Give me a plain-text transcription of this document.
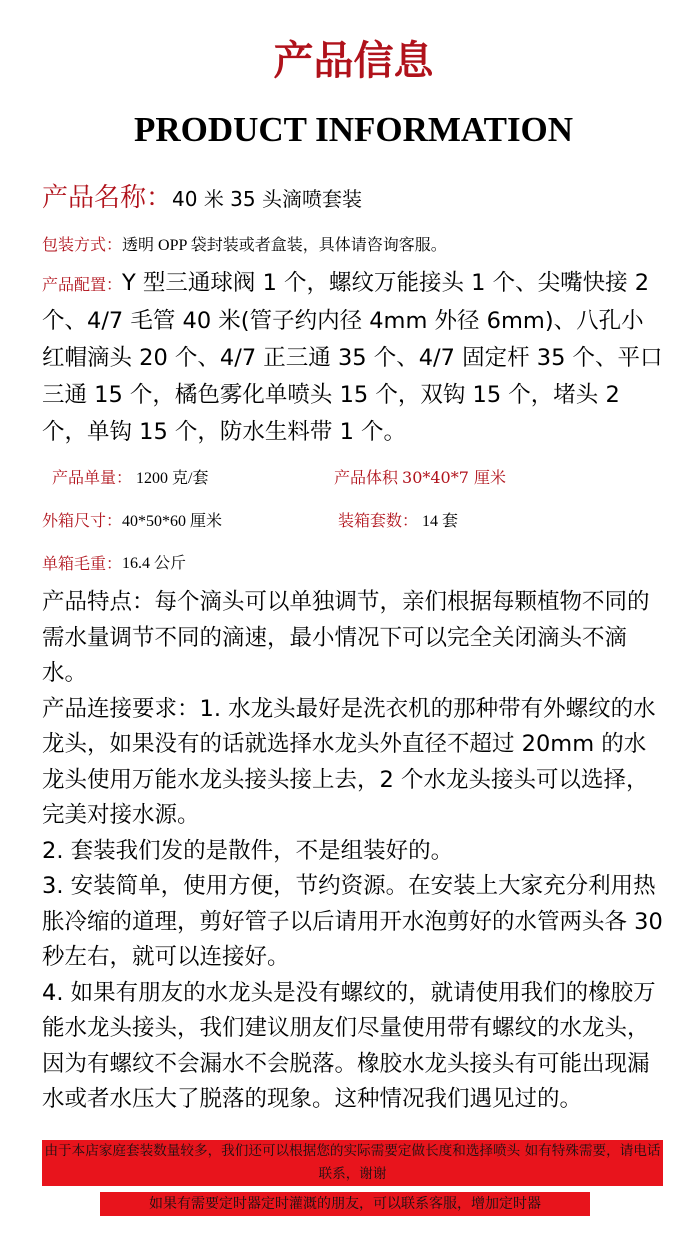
产品信息
PRODUCT INFORMATION
产品名称：40 米 35 头滴喷套装
包装方式：透明 OPP 袋封装或者盒装，具体请咨询客服。
产品配置：Y 型三通球阀 1 个，螺纹万能接头 1 个、尖嘴快接 2 个、4/7 毛管 40 米(管子约内径 4mm 外径 6mm)、八孔小红帽滴头 20 个、4/7 正三通 35 个、4/7 固定杆 35 个、平口三通 15 个，橘色雾化单喷头 15 个，双钩 15 个，堵头 2 个，单钩 15 个，防水生料带 1 个。
产品单量： 1200 克/套	产品体积 30*40*7 厘米
外箱尺寸：40*50*60 厘米	装箱套数： 14 套
单箱毛重： 16.4 公斤

产品特点：每个滴头可以单独调节，亲们根据每颗植物不同的需水量调节不同的滴速，最小情况下可以完全关闭滴头不滴水。

产品连接要求：1. 水龙头最好是洗衣机的那种带有外螺纹的水龙头，如果没有的话就选择水龙头外直径不超过 20mm 的水龙头使用万能水龙头接头接上去，2 个水龙头接头可以选择，完美对接水源。

2. 套装我们发的是散件，不是组装好的。

3. 安装简单，使用方便，节约资源。在安装上大家充分利用热胀冷缩的道理，剪好管子以后请用开水泡剪好的水管两头各 30 秒左右，就可以连接好。

4. 如果有朋友的水龙头是没有螺纹的，就请使用我们的橡胶万能水龙头接头，我们建议朋友们尽量使用带有螺纹的水龙头，因为有螺纹不会漏水不会脱落。橡胶水龙头接头有可能出现漏水或者水压大了脱落的现象。这种情况我们遇见过的。

由于本店家庭套装数量较多，我们还可以根据您的实际需要定做长度和选择喷头 如有特殊需要，请电话联系，谢谢
如果有需要定时器定时灌溉的朋友，可以联系客服，增加定时器
